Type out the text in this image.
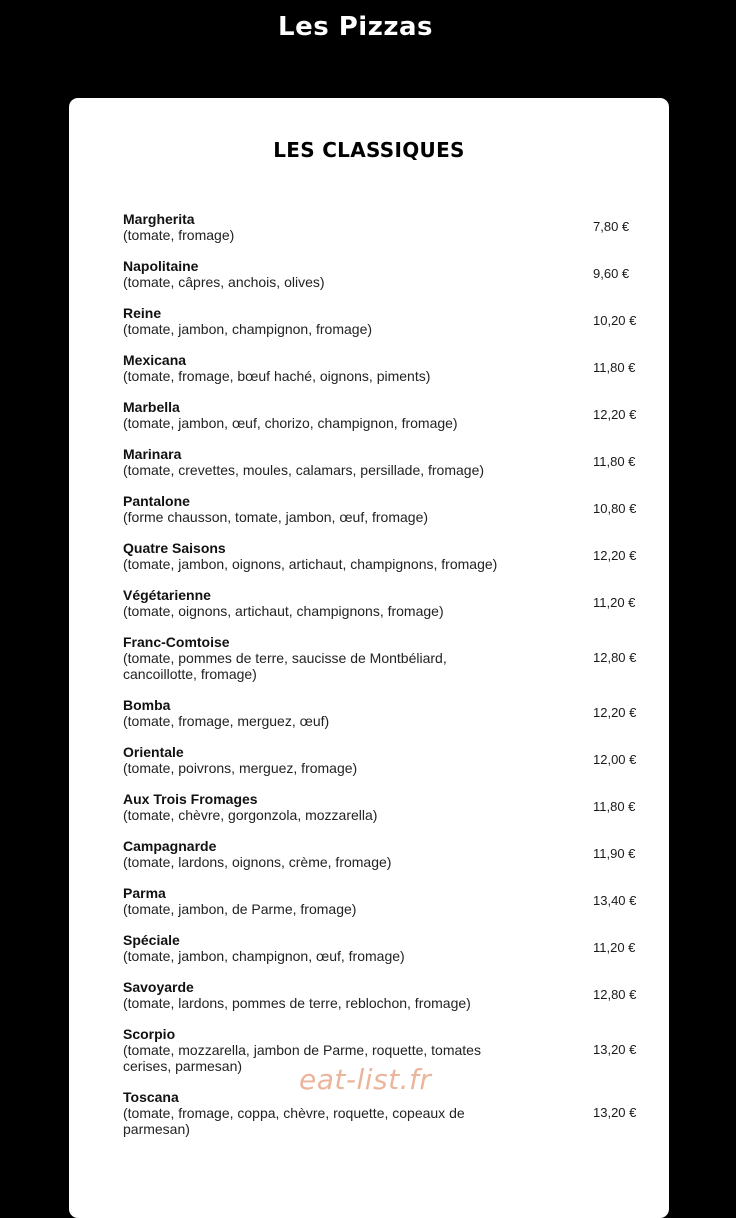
Les Pizzas
LES CLASSIQUES
Margherita
(tomate, fromage)
7,80 €
Napolitaine
(tomate, câpres, anchois, olives)
9,60 €
Reine
(tomate, jambon, champignon, fromage)
10,20 €
Mexicana
(tomate, fromage, bœuf haché, oignons, piments)
11,80 €
Marbella
(tomate, jambon, œuf, chorizo, champignon, fromage)
12,20 €
Marinara
(tomate, crevettes, moules, calamars, persillade, fromage)
11,80 €
Pantalone
(forme chausson, tomate, jambon, œuf, fromage)
10,80 €
Quatre Saisons
(tomate, jambon, oignons, artichaut, champignons, fromage)
12,20 €
Végétarienne
(tomate, oignons, artichaut, champignons, fromage)
11,20 €
Franc-Comtoise
(tomate, pommes de terre, saucisse de Montbéliard, cancoillotte, fromage)
12,80 €
Bomba
(tomate, fromage, merguez, œuf)
12,20 €
Orientale
(tomate, poivrons, merguez, fromage)
12,00 €
Aux Trois Fromages
(tomate, chèvre, gorgonzola, mozzarella)
11,80 €
Campagnarde
(tomate, lardons, oignons, crème, fromage)
11,90 €
Parma
(tomate, jambon, de Parme, fromage)
13,40 €
Spéciale
(tomate, jambon, champignon, œuf, fromage)
11,20 €
Savoyarde
(tomate, lardons, pommes de terre, reblochon, fromage)
12,80 €
Scorpio
(tomate, mozzarella, jambon de Parme, roquette, tomates cerises, parmesan)
13,20 €
Toscana
(tomate, fromage, coppa, chèvre, roquette, copeaux de parmesan)
13,20 €
eat-list.fr
